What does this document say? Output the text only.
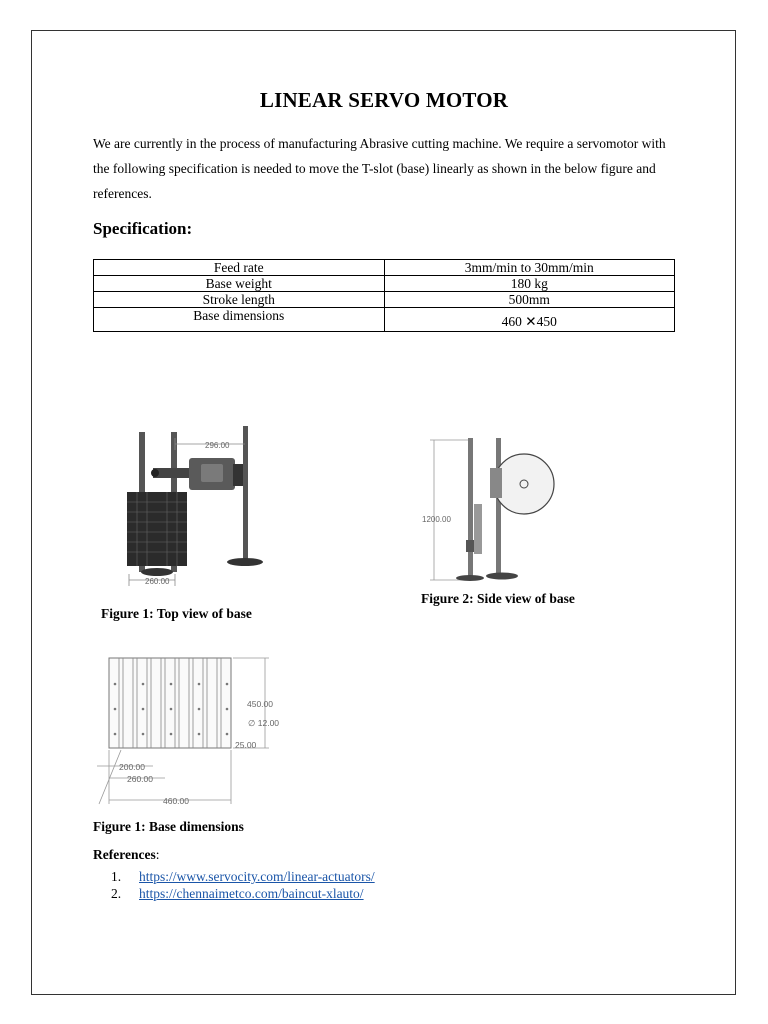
LINEAR SERVO MOTOR
We are currently in the process of manufacturing Abrasive cutting machine. We require a servomotor with the following specification is needed to move the T-slot (base) linearly as shown in the below figure and references.
Specification:
Feed rate	3mm/min to 30mm/min
Base weight	180 kg
Stroke length	500mm
Base dimensions	460 ✕450
296.00
260.00
Figure 1: Top view of base
1200.00
Figure 2: Side view of base
450.00
∅ 12.00
25.00
200.00
260.00
460.00
Figure 1: Base dimensions
References:
1.	https://www.servocity.com/linear-actuators/
2.	https://chennaimetco.com/baincut-xlauto/
